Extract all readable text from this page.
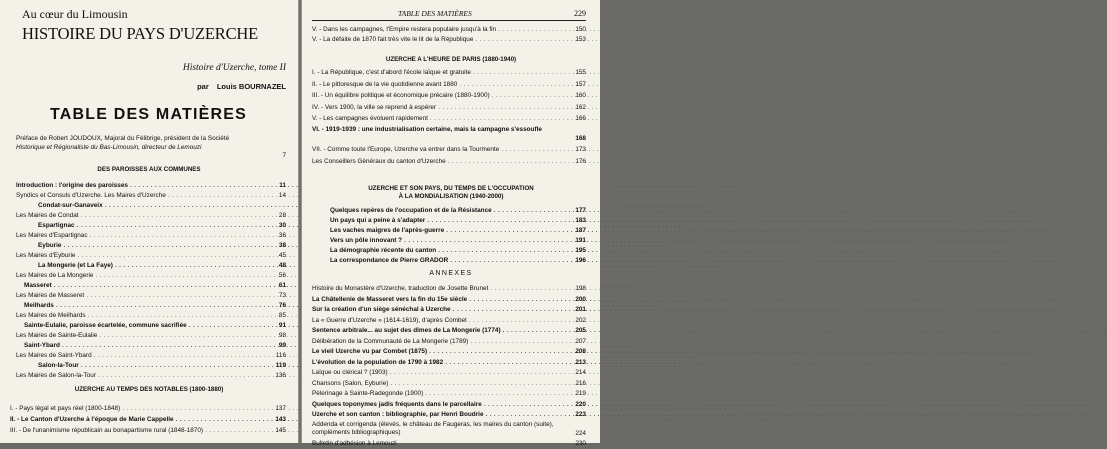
Au cœur du Limousin
HISTOIRE DU PAYS D'UZERCHE
Histoire d'Uzerche, tome II
par Louis BOURNAZEL
TABLE DES MATIÈRES
Préface de Robert JOUDOUX, Majoral du Félibrige, président de la Société
Historique et Régionaliste du Bas-Limousin, directeur de Lemouzi
7
DES PAROISSES AUX COMMUNES
Introduction : l'origine des paroisses . . .	11
Syndics et Consuls d'Uzerche. Les Maires d'Uzerche . . .	14
Condat-sur-Ganaveix . . .
Les Maires de Condat . . .	28
Espartignac . . .	30
Les Maires d'Espartignac . . .	36
Eyburie . . .	38
Les Maires d'Eyburie . . .	45
La Mongerie (et La Faye) . . .	48
Les Maires de La Mongerie . . .	56
Masseret . . .	61
Les Maires de Masseret . . .	73
Meilhards . . .	76
Les Maires de Meilhards . . .	85
Sainte-Eulalie, paroisse écartelée, commune sacrifiée . . .	91
Les Maires de Sainte-Eulalie . . .	98
Saint-Ybard . . .	99
Les Maires de Saint-Ybard . . .	116
Salon-la-Tour . . .	119
Les Maires de Salon-la-Tour . . .	136
UZERCHE AU TEMPS DES NOTABLES (1800-1880)
I. - Pays légal et pays réel (1800-1848) . . .	137
II. - Le Canton d'Uzerche à l'époque de Marie Cappelle . . .	143
III. - De l'unanimisme républicain au bonapartisme rural (1848-1870) . . .	145
TABLE DES MATIÈRES	229
V. - Dans les campagnes, l'Empire restera populaire jusqu'à la fin . . .	150
V. - La défaite de 1870 fait très vite le lit de la République . . .	153
UZERCHE A L'HEURE DE PARIS (1880-1940)
I. - La République, c'est d'abord l'école laïque et gratuite . . .	155
II. - Le pittoresque de la vie quotidienne avant 1880 . . .	157
III. - Un équilibre politique et économique précaire (1880-1900) . . .	160
IV. - Vers 1900, la ville se reprend à espérer . . .	162
V. - Les campagnes évoluent rapidement . . .	166
VI. - 1919-1939 : une industrialisation certaine, mais la campagne s'essoufle
168
VII. - Comme toute l'Europe, Uzerche va entrer dans la Tourmente . . .	173
Les Conseillers Généraux du canton d'Uzerche . . .	176
UZERCHE ET SON PAYS, DU TEMPS DE L'OCCUPATION
À LA MONDIALISATION (1940-2000)
Quelques repères de l'occupation et de la Résistance . . .	177
Un pays qui a peine à s'adapter . . .	183
Les vaches maigres de l'après-guerre . . .	187
Vers un pôle innovant ? . . .	191
La démographie récente du canton . . .	195
La correspondance de Pierre GRADOR . . .	196
ANNEXES
Histoire du Monastère d'Uzerche, traduction de Josette Brunet . . .	198
La Châtellenie de Masseret vers la fin du 15e siècle . . .	200
Sur la création d'un siège sénéchal à Uzerche . . .	201
La « Guerre d'Uzerche » (1614-1619), d'après Combet . . .	202
Sentence arbitrale... au sujet des dîmes de La Mongerie (1774) . . .	205
Délibération de la Communauté de La Mongerie (1789) . . .	207
Le vieil Uzerche vu par Combet (1875) . . .	208
L'évolution de la population de 1790 à 1982 . . .	213
Laïque ou clérical ? (1903) . . .	214
Chansons (Salon, Eyburie) . . .	216
Pèlerinage à Sainte-Radegonde (1900) . . .	219
Quelques toponymes jadis fréquents dans le parcellaire . . .	220
Uzerche et son canton : bibliographie, par Henri Boudrie . . .	223
Addenda et corrigenda (élevés, le château de Faugeras, les maires du canton (suite), compléments bibliographiques)	224
Bulletin d'adhésion à Lemouzi . . .	230
